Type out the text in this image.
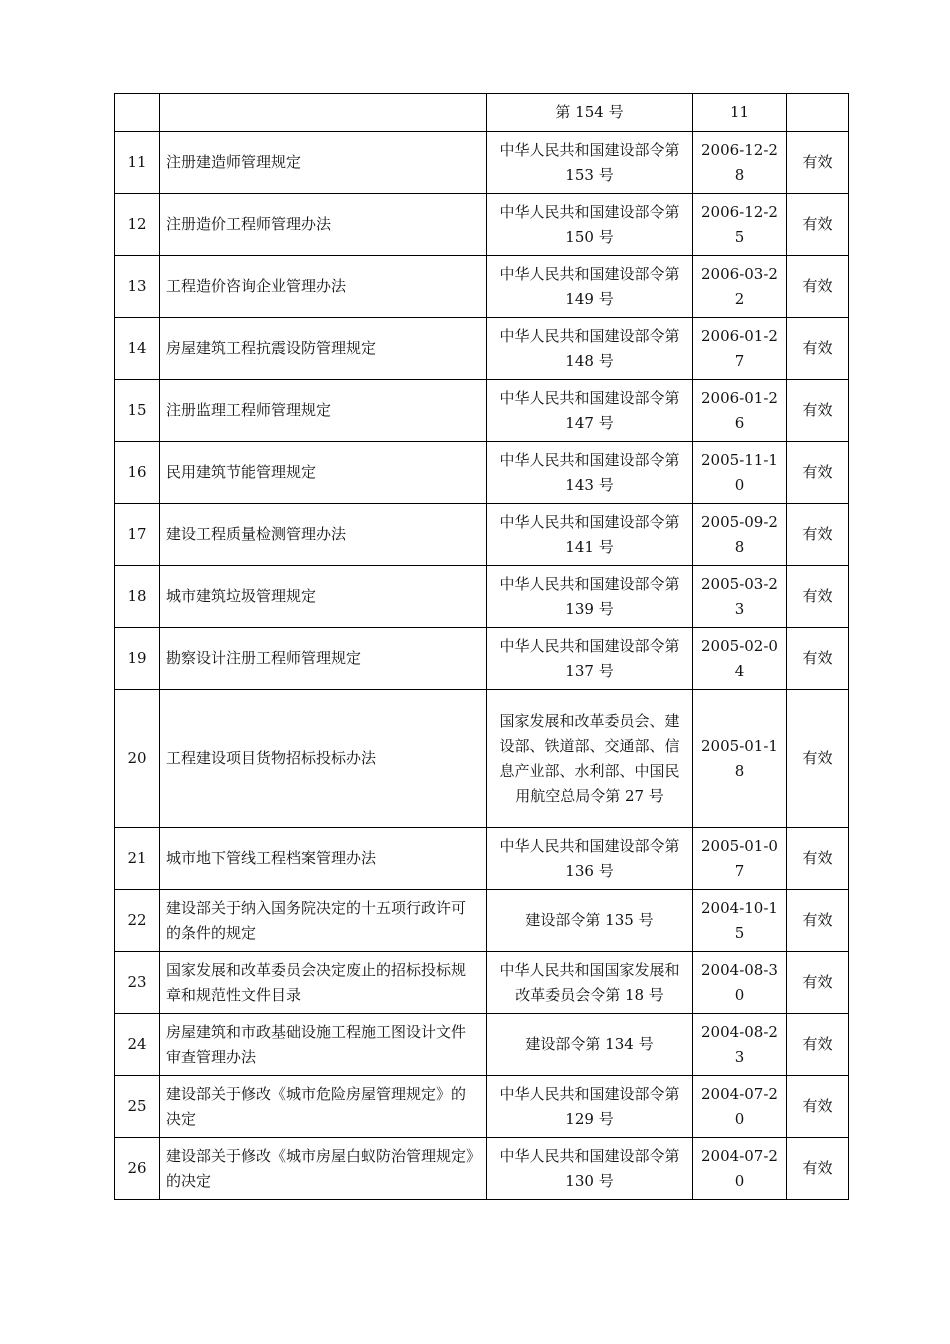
		第 154 号	11	
11	注册建造师管理规定	中华人民共和国建设部令第 153 号	2006-12-28	有效
12	注册造价工程师管理办法	中华人民共和国建设部令第 150 号	2006-12-25	有效
13	工程造价咨询企业管理办法	中华人民共和国建设部令第 149 号	2006-03-22	有效
14	房屋建筑工程抗震设防管理规定	中华人民共和国建设部令第 148 号	2006-01-27	有效
15	注册监理工程师管理规定	中华人民共和国建设部令第 147 号	2006-01-26	有效
16	民用建筑节能管理规定	中华人民共和国建设部令第 143 号	2005-11-10	有效
17	建设工程质量检测管理办法	中华人民共和国建设部令第 141 号	2005-09-28	有效
18	城市建筑垃圾管理规定	中华人民共和国建设部令第 139 号	2005-03-23	有效
19	勘察设计注册工程师管理规定	中华人民共和国建设部令第 137 号	2005-02-04	有效
20	工程建设项目货物招标投标办法	国家发展和改革委员会、建设部、铁道部、交通部、信息产业部、水利部、中国民用航空总局令第 27 号	2005-01-18	有效
21	城市地下管线工程档案管理办法	中华人民共和国建设部令第 136 号	2005-01-07	有效
22	建设部关于纳入国务院决定的十五项行政许可的条件的规定	建设部令第 135 号	2004-10-15	有效
23	国家发展和改革委员会决定废止的招标投标规章和规范性文件目录	中华人民共和国国家发展和改革委员会令第 18 号	2004-08-30	有效
24	房屋建筑和市政基础设施工程施工图设计文件审查管理办法	建设部令第 134 号	2004-08-23	有效
25	建设部关于修改《城市危险房屋管理规定》的决定	中华人民共和国建设部令第 129 号	2004-07-20	有效
26	建设部关于修改《城市房屋白蚁防治管理规定》的决定	中华人民共和国建设部令第 130 号	2004-07-20	有效
